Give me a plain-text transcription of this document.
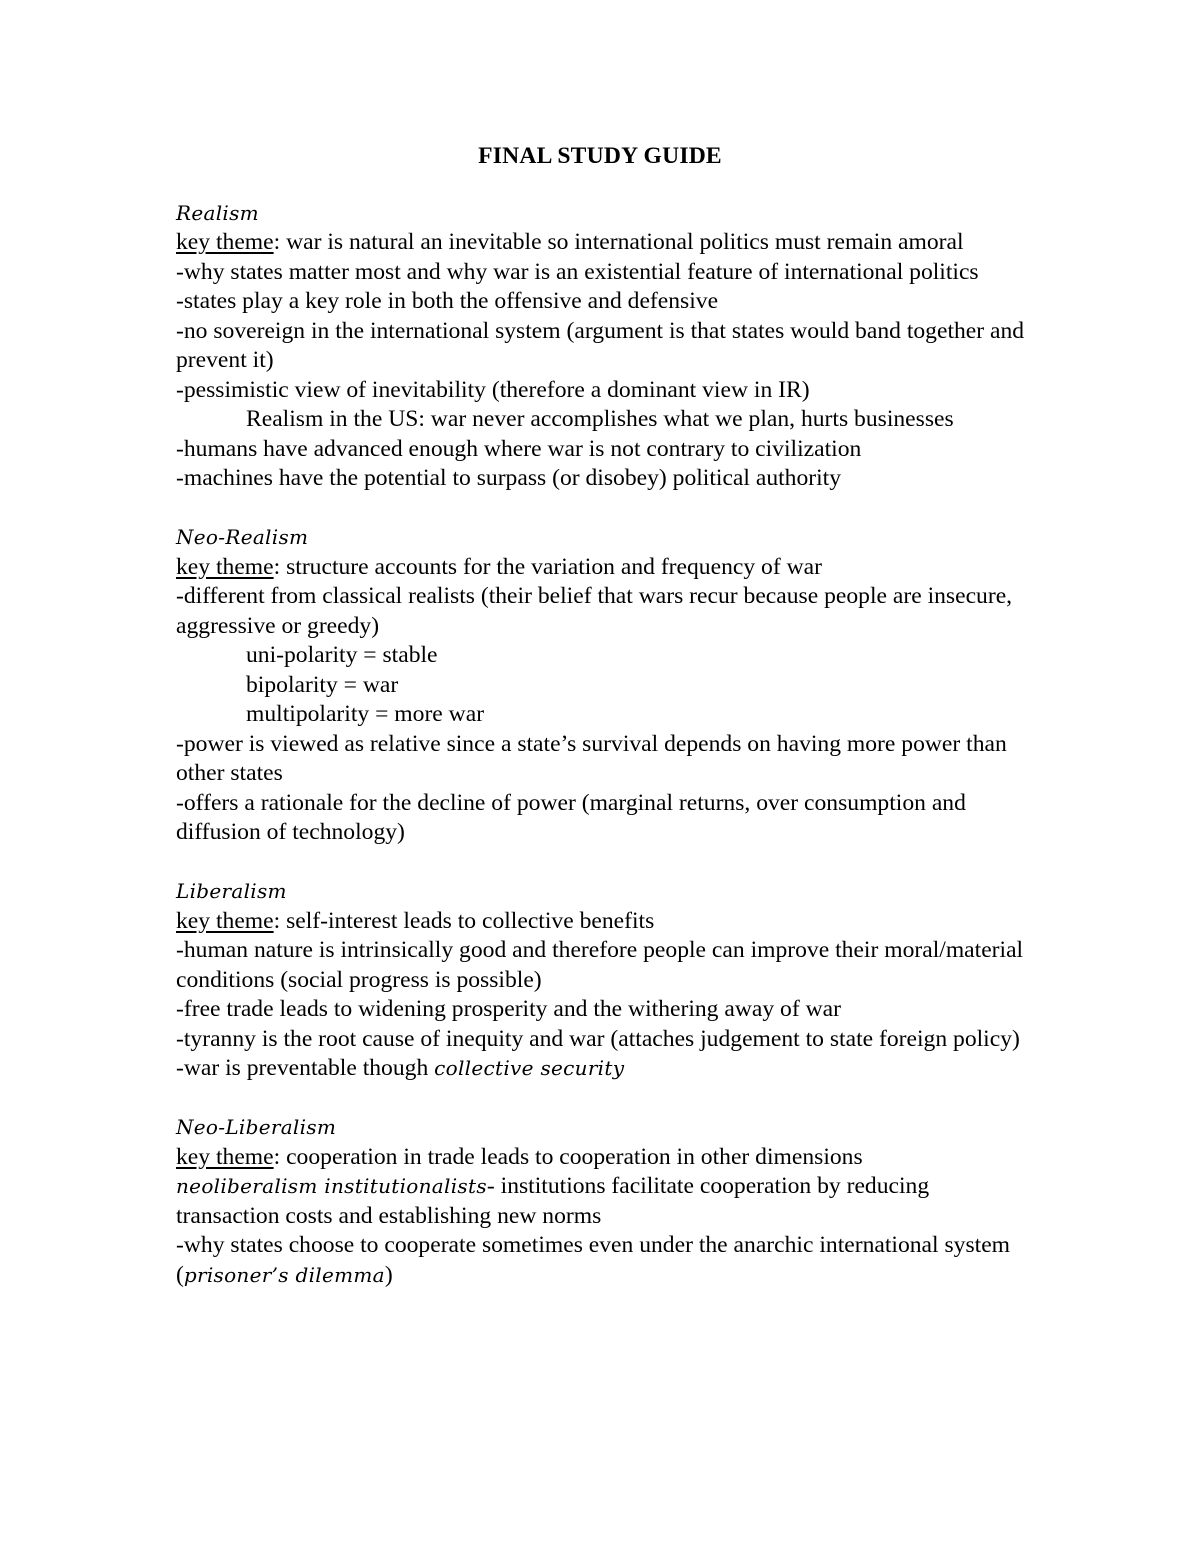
FINAL STUDY GUIDE
Realism
key theme: war is natural an inevitable so international politics must remain amoral
-why states matter most and why war is an existential feature of international politics
-states play a key role in both the offensive and defensive
-no sovereign in the international system (argument is that states would band together and prevent it)
-pessimistic view of inevitability (therefore a dominant view in IR)
Realism in the US: war never accomplishes what we plan, hurts businesses
-humans have advanced enough where war is not contrary to civilization
-machines have the potential to surpass (or disobey) political authority
Neo-Realism
key theme: structure accounts for the variation and frequency of war
-different from classical realists (their belief that wars recur because people are insecure, aggressive or greedy)
uni-polarity = stable
bipolarity = war
multipolarity = more war
-power is viewed as relative since a state’s survival depends on having more power than other states
-offers a rationale for the decline of power (marginal returns, over consumption and diffusion of technology)
Liberalism
key theme: self-interest leads to collective benefits
-human nature is intrinsically good and therefore people can improve their moral/material conditions (social progress is possible)
-free trade leads to widening prosperity and the withering away of war
-tyranny is the root cause of inequity and war (attaches judgement to state foreign policy)
-war is preventable though collective security
Neo-Liberalism
key theme: cooperation in trade leads to cooperation in other dimensions
neoliberalism institutionalists- institutions facilitate cooperation by reducing transaction costs and establishing new norms
-why states choose to cooperate sometimes even under the anarchic international system (prisoner’s dilemma)
